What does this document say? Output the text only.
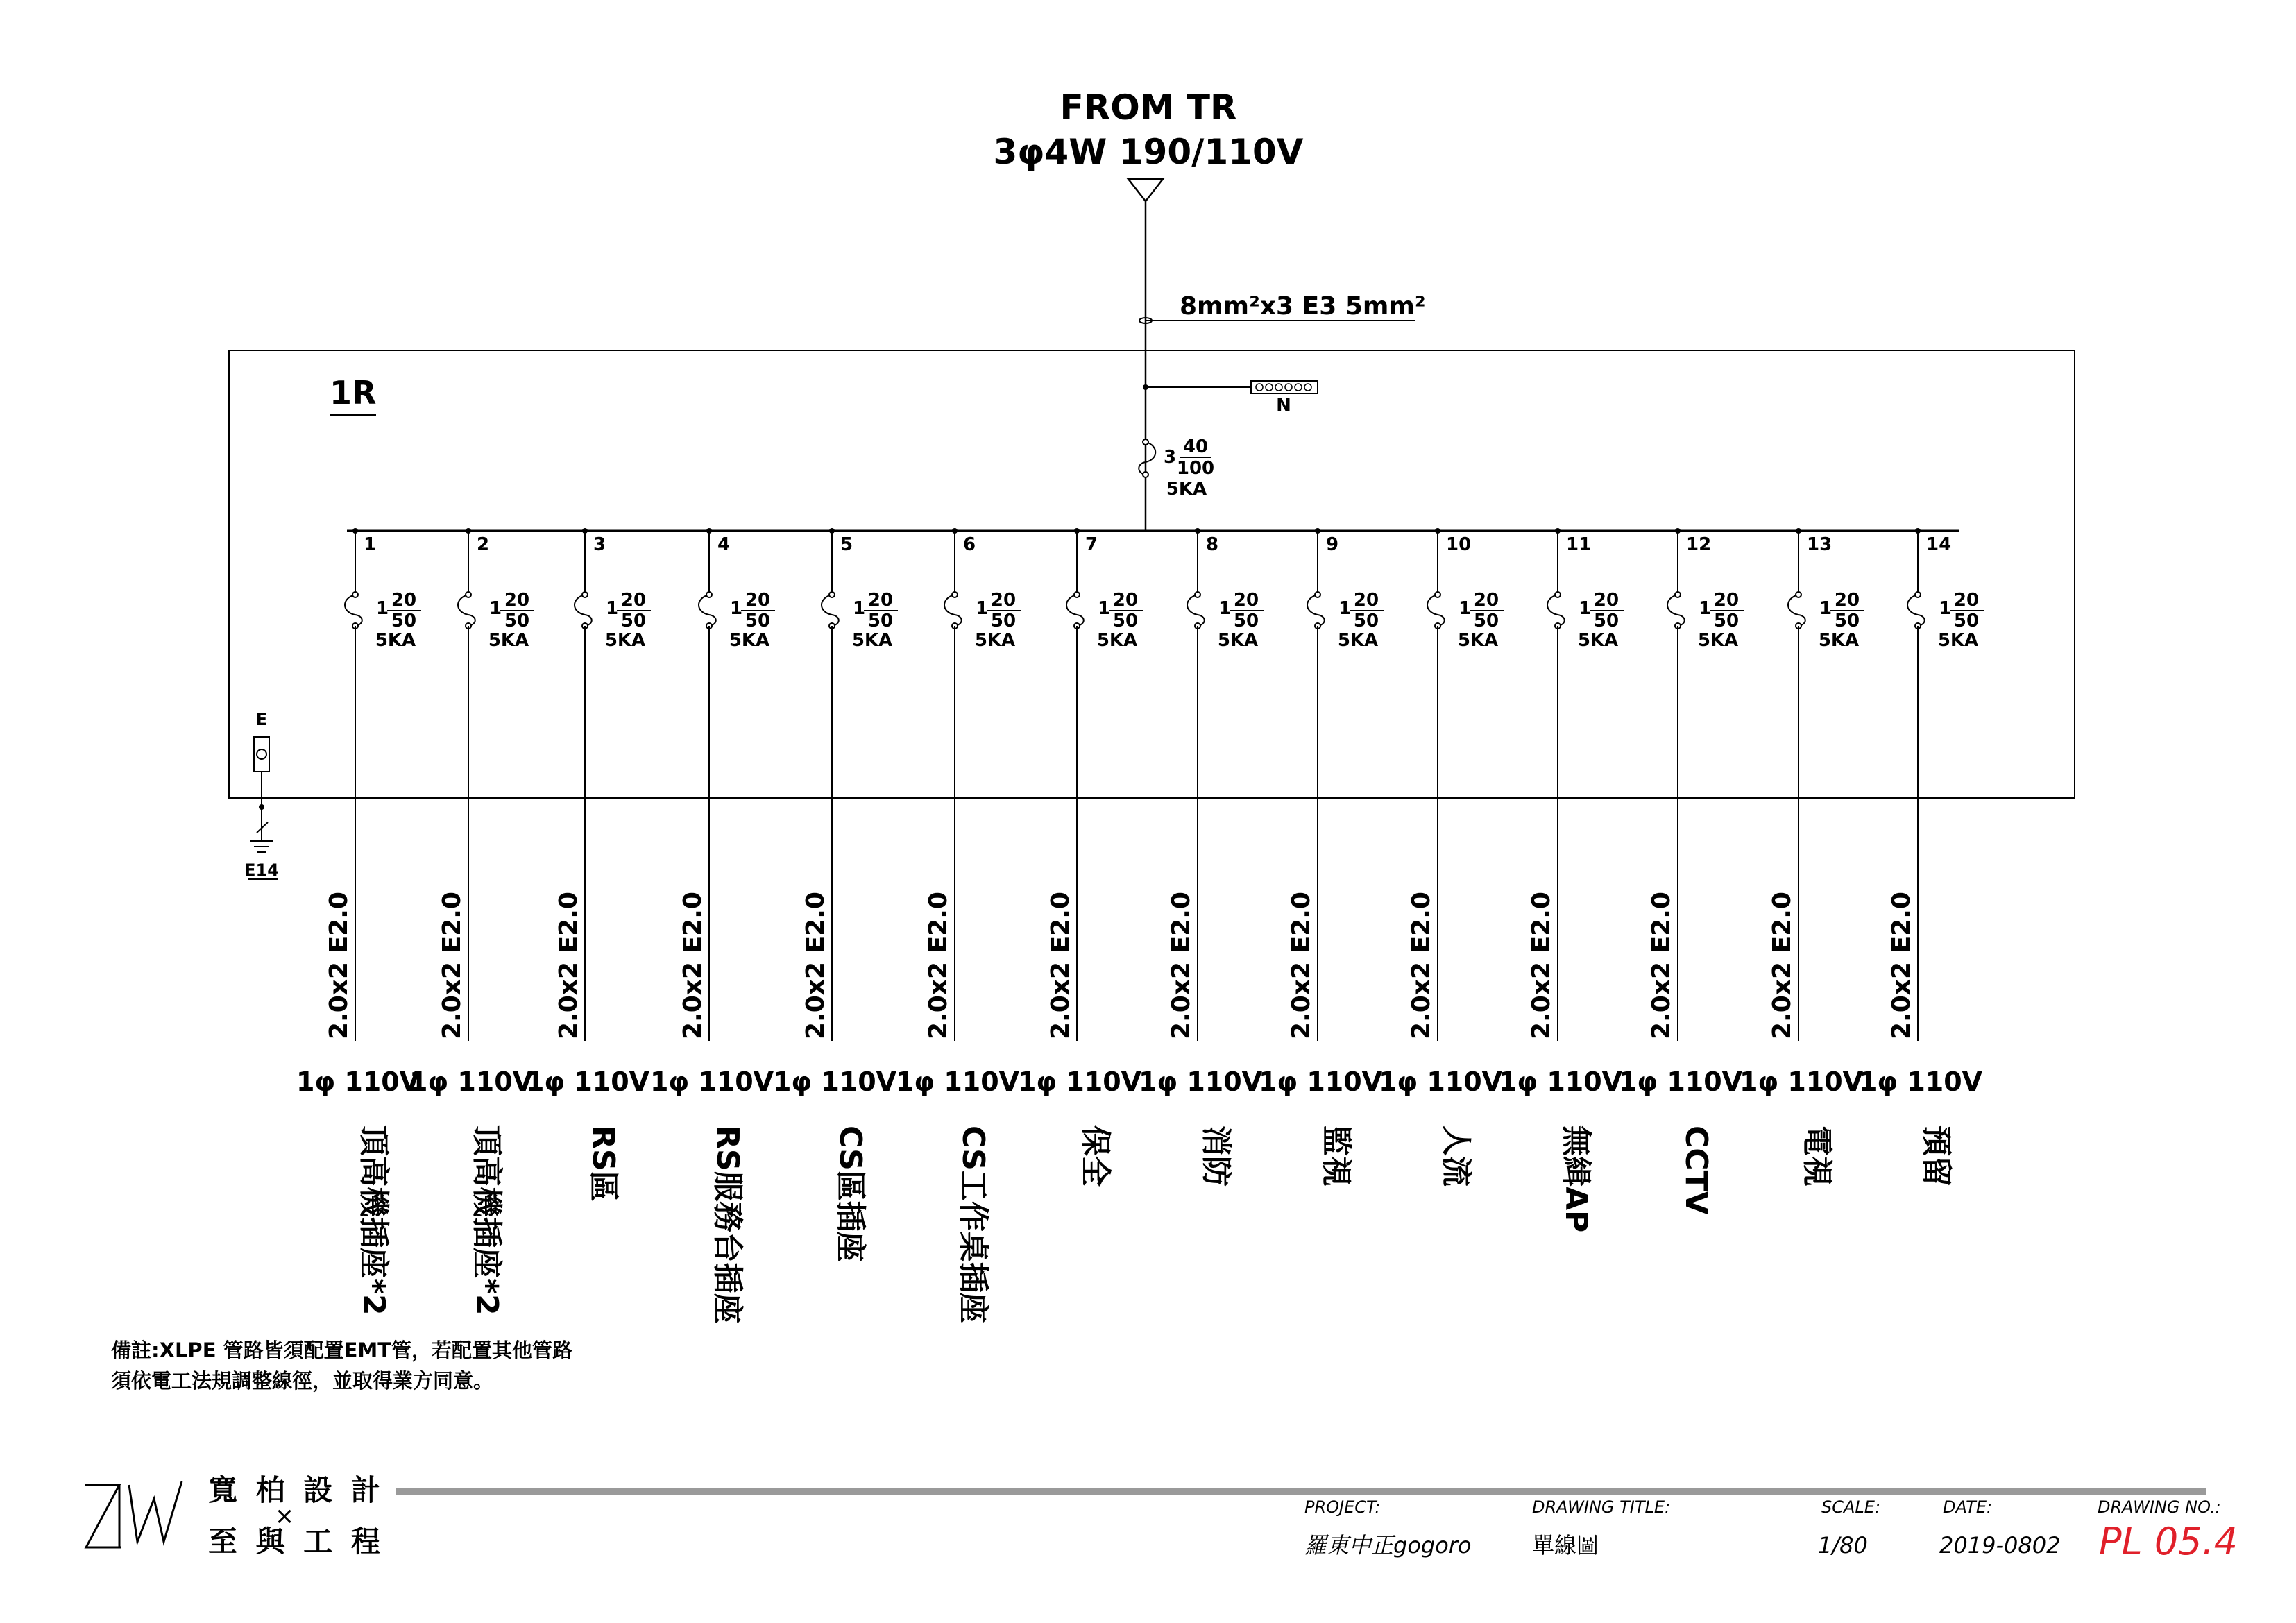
FROM TR
3φ4W 190/110V
8mm²x3 E3 5mm²
1R	N
3 40
100
5KA
E
E14
1
1 20
50
5KA
2.0x2 E2.0
1φ 110V
頂高機插座*2
2
1 20
50
5KA
2.0x2 E2.0
1φ 110V
頂高機插座*2
3
1 20
50
5KA
2.0x2 E2.0
1φ 110V
RS區
4
1 20
50
5KA
2.0x2 E2.0
1φ 110V
RS服務台插座
5
1 20
50
5KA
2.0x2 E2.0
1φ 110V
CS區插座
6
1 20
50
5KA
2.0x2 E2.0
1φ 110V
CS工作桌插座
7
1 20
50
5KA
2.0x2 E2.0
1φ 110V
保全
8
1 20
50
5KA
2.0x2 E2.0
1φ 110V
消防
9
1 20
50
5KA
2.0x2 E2.0
1φ 110V
監視
10
1 20
50
5KA
2.0x2 E2.0
1φ 110V
人流
11
1 20
50
5KA
2.0x2 E2.0
1φ 110V
無緝AP
12
1 20
50
5KA
2.0x2 E2.0
1φ 110V
CCTV
13
1 20
50
5KA
2.0x2 E2.0
1φ 110V
電視
14
1 20
50
5KA
2.0x2 E2.0
1φ 110V
預留
寬 柏 設 計
×
至 與 工 程
PROJECT:
羅東中正gogoro
DRAWING TITLE:
單線圖
SCALE:
1/80
DATE:
2019-0802
DRAWING NO.:
PL 05.4
備註:XLPE 管路皆須配置EMT管，若配置其他管路
須依電工法規調整線徑，並取得業方同意。
